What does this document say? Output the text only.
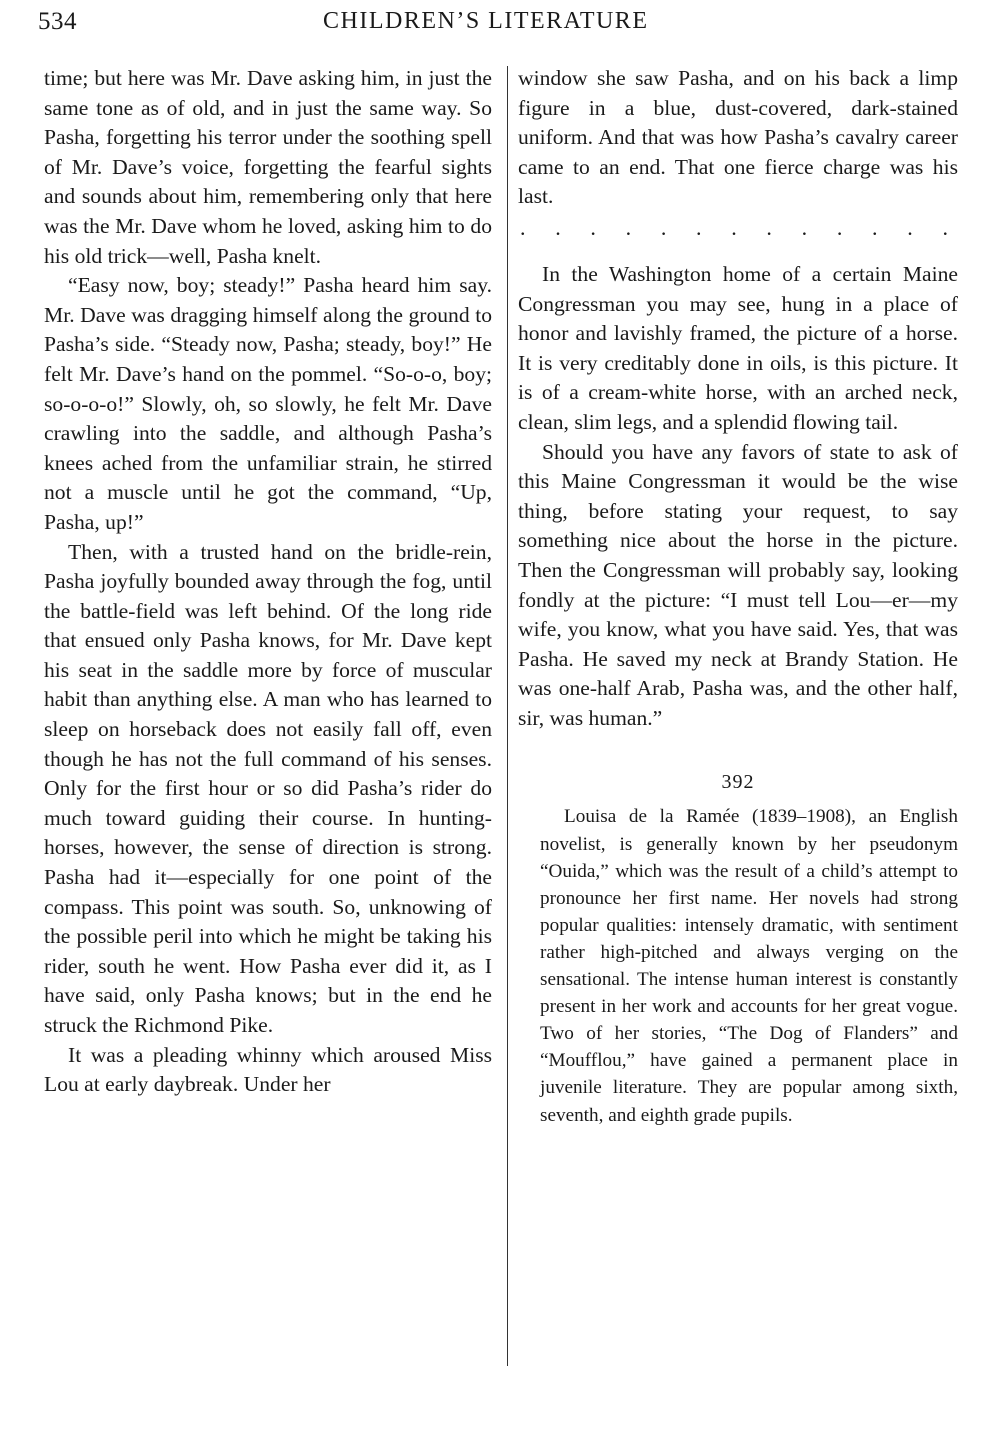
534	CHILDREN’S LITERATURE

time; but here was Mr. Dave asking him, in just the same tone as of old, and in just the same way. So Pasha, forgetting his terror under the soothing spell of Mr. Dave’s voice, forgetting the fearful sights and sounds about him, remembering only that here was the Mr. Dave whom he loved, asking him to do his old trick—well, Pasha knelt.

“Easy now, boy; steady!” Pasha heard him say. Mr. Dave was dragging himself along the ground to Pasha’s side. “Steady now, Pasha; steady, boy!” He felt Mr. Dave’s hand on the pommel. “So-o-o, boy; so-o-o-o!” Slowly, oh, so slowly, he felt Mr. Dave crawling into the saddle, and although Pasha’s knees ached from the unfamiliar strain, he stirred not a muscle until he got the command, “Up, Pasha, up!”

Then, with a trusted hand on the bridle-rein, Pasha joyfully bounded away through the fog, until the battle-field was left behind. Of the long ride that ensued only Pasha knows, for Mr. Dave kept his seat in the saddle more by force of muscular habit than anything else. A man who has learned to sleep on horseback does not easily fall off, even though he has not the full command of his senses. Only for the first hour or so did Pasha’s rider do much toward guiding their course. In hunting-horses, however, the sense of direction is strong. Pasha had it—especially for one point of the compass. This point was south. So, unknowing of the possible peril into which he might be taking his rider, south he went. How Pasha ever did it, as I have said, only Pasha knows; but in the end he struck the Richmond Pike.

It was a pleading whinny which aroused Miss Lou at early daybreak. Under her

window she saw Pasha, and on his back a limp figure in a blue, dust-covered, dark-stained uniform. And that was how Pasha’s cavalry career came to an end. That one fierce charge was his last.

. . . . . . . . . . . . .

In the Washington home of a certain Maine Congressman you may see, hung in a place of honor and lavishly framed, the picture of a horse. It is very creditably done in oils, is this picture. It is of a cream-white horse, with an arched neck, clean, slim legs, and a splendid flowing tail.

Should you have any favors of state to ask of this Maine Congressman it would be the wise thing, before stating your request, to say something nice about the horse in the picture. Then the Congressman will probably say, looking fondly at the picture: “I must tell Lou—er—my wife, you know, what you have said. Yes, that was Pasha. He saved my neck at Brandy Station. He was one-half Arab, Pasha was, and the other half, sir, was human.”

392

Louisa de la Ramée (1839–1908), an English novelist, is generally known by her pseudonym “Ouida,” which was the result of a child’s attempt to pronounce her first name. Her novels had strong popular qualities: intensely dramatic, with sentiment rather high-pitched and always verging on the sensational. The intense human interest is constantly present in her work and accounts for her great vogue. Two of her stories, “The Dog of Flanders” and “Moufflou,” have gained a permanent place in juvenile literature. They are popular among sixth, seventh, and eighth grade pupils.
